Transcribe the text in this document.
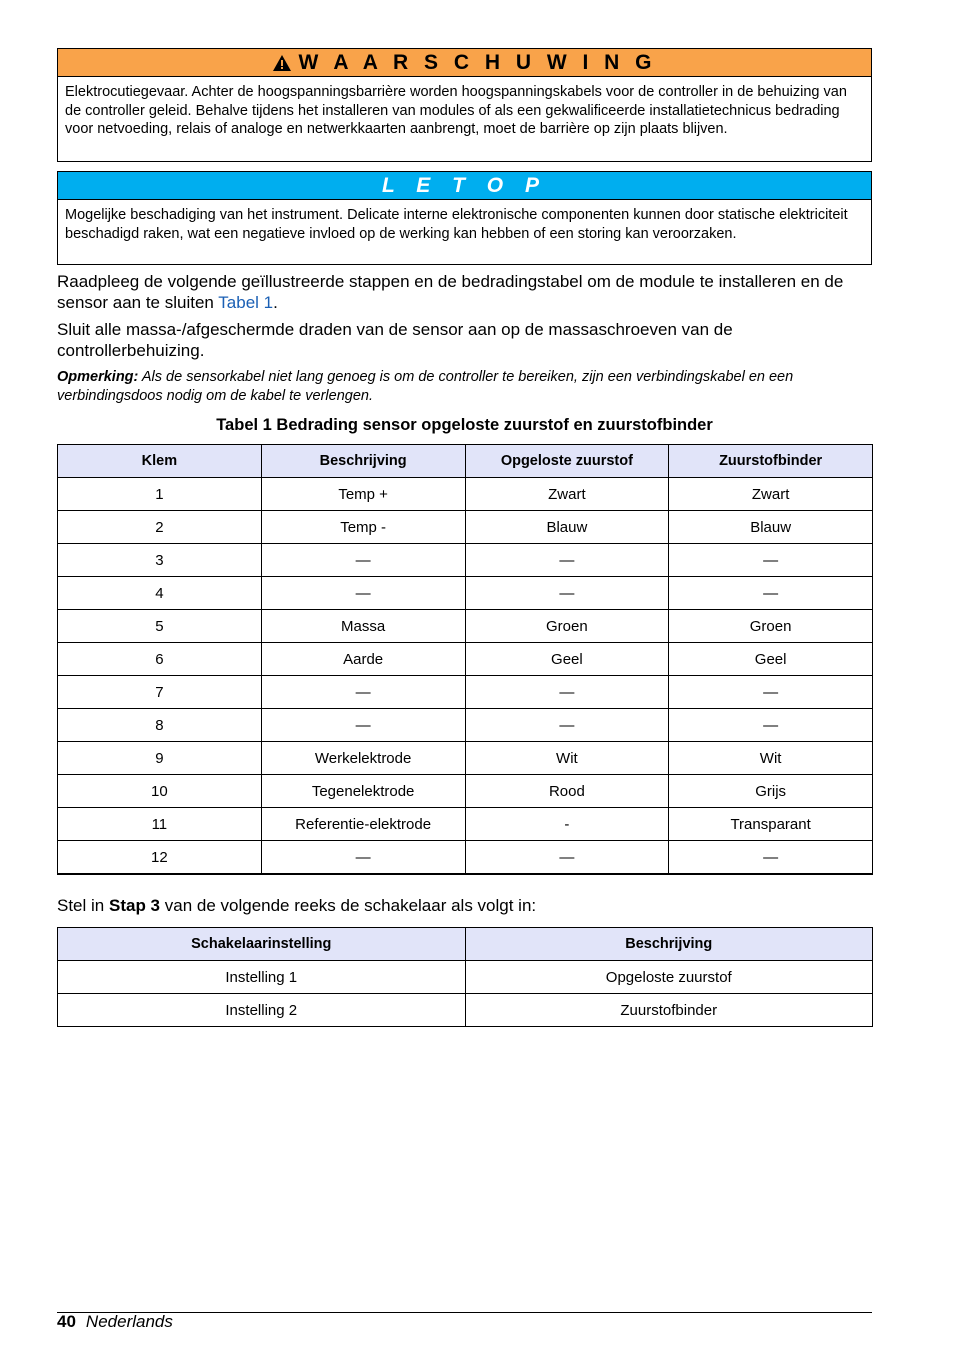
W A A R S C H U W I N G
Elektrocutiegevaar. Achter de hoogspanningsbarrière worden hoogspanningskabels voor de controller in de behuizing van de controller geleid. Behalve tijdens het installeren van modules of als een gekwalificeerde installatietechnicus bedrading voor netvoeding, relais of analoge en netwerkkaarten aanbrengt, moet de barrière op zijn plaats blijven.
L E T O P
Mogelijke beschadiging van het instrument. Delicate interne elektronische componenten kunnen door statische elektriciteit beschadigd raken, wat een negatieve invloed op de werking kan hebben of een storing kan veroorzaken.
Raadpleeg de volgende geïllustreerde stappen en de bedradingstabel om de module te installeren en de sensor aan te sluiten Tabel 1.
Sluit alle massa-/afgeschermde draden van de sensor aan op de massaschroeven van de controllerbehuizing.
Opmerking: Als de sensorkabel niet lang genoeg is om de controller te bereiken, zijn een verbindingskabel en een verbindingsdoos nodig om de kabel te verlengen.
Tabel 1 Bedrading sensor opgeloste zuurstof en zuurstofbinder
Klem	Beschrijving	Opgeloste zuurstof	Zuurstofbinder
1	Temp +	Zwart	Zwart
2	Temp -	Blauw	Blauw
3	—	—	—
4	—	—	—
5	Massa	Groen	Groen
6	Aarde	Geel	Geel
7	—	—	—
8	—	—	—
9	Werkelektrode	Wit	Wit
10	Tegenelektrode	Rood	Grijs
11	Referentie-elektrode	-	Transparant
12	—	—	—
Stel in Stap 3 van de volgende reeks de schakelaar als volgt in:
Schakelaarinstelling	Beschrijving
Instelling 1	Opgeloste zuurstof
Instelling 2	Zuurstofbinder
40 Nederlands
